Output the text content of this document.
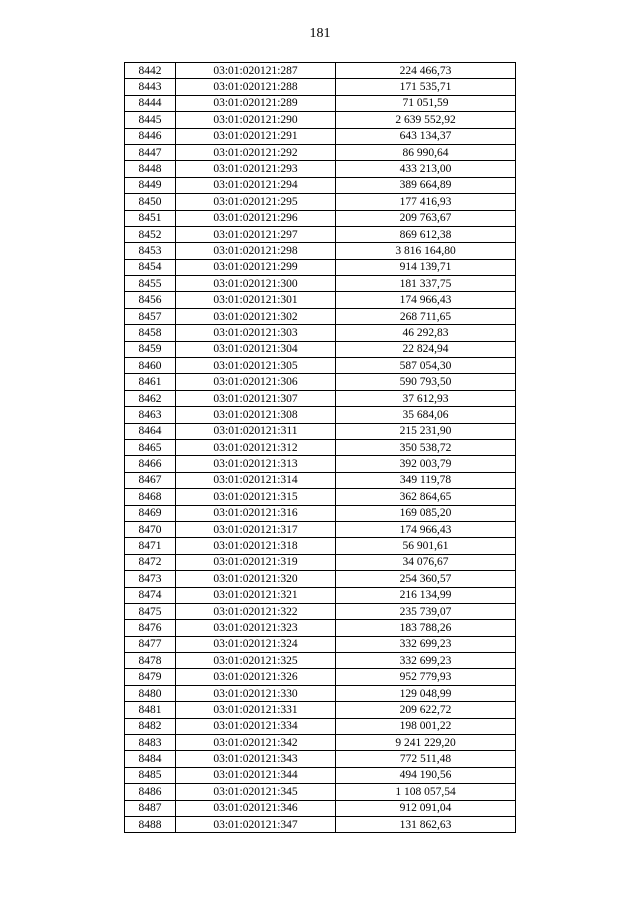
181
8442	03:01:020121:287	224 466,73
8443	03:01:020121:288	171 535,71
8444	03:01:020121:289	71 051,59
8445	03:01:020121:290	2 639 552,92
8446	03:01:020121:291	643 134,37
8447	03:01:020121:292	86 990,64
8448	03:01:020121:293	433 213,00
8449	03:01:020121:294	389 664,89
8450	03:01:020121:295	177 416,93
8451	03:01:020121:296	209 763,67
8452	03:01:020121:297	869 612,38
8453	03:01:020121:298	3 816 164,80
8454	03:01:020121:299	914 139,71
8455	03:01:020121:300	181 337,75
8456	03:01:020121:301	174 966,43
8457	03:01:020121:302	268 711,65
8458	03:01:020121:303	46 292,83
8459	03:01:020121:304	22 824,94
8460	03:01:020121:305	587 054,30
8461	03:01:020121:306	590 793,50
8462	03:01:020121:307	37 612,93
8463	03:01:020121:308	35 684,06
8464	03:01:020121:311	215 231,90
8465	03:01:020121:312	350 538,72
8466	03:01:020121:313	392 003,79
8467	03:01:020121:314	349 119,78
8468	03:01:020121:315	362 864,65
8469	03:01:020121:316	169 085,20
8470	03:01:020121:317	174 966,43
8471	03:01:020121:318	56 901,61
8472	03:01:020121:319	34 076,67
8473	03:01:020121:320	254 360,57
8474	03:01:020121:321	216 134,99
8475	03:01:020121:322	235 739,07
8476	03:01:020121:323	183 788,26
8477	03:01:020121:324	332 699,23
8478	03:01:020121:325	332 699,23
8479	03:01:020121:326	952 779,93
8480	03:01:020121:330	129 048,99
8481	03:01:020121:331	209 622,72
8482	03:01:020121:334	198 001,22
8483	03:01:020121:342	9 241 229,20
8484	03:01:020121:343	772 511,48
8485	03:01:020121:344	494 190,56
8486	03:01:020121:345	1 108 057,54
8487	03:01:020121:346	912 091,04
8488	03:01:020121:347	131 862,63
